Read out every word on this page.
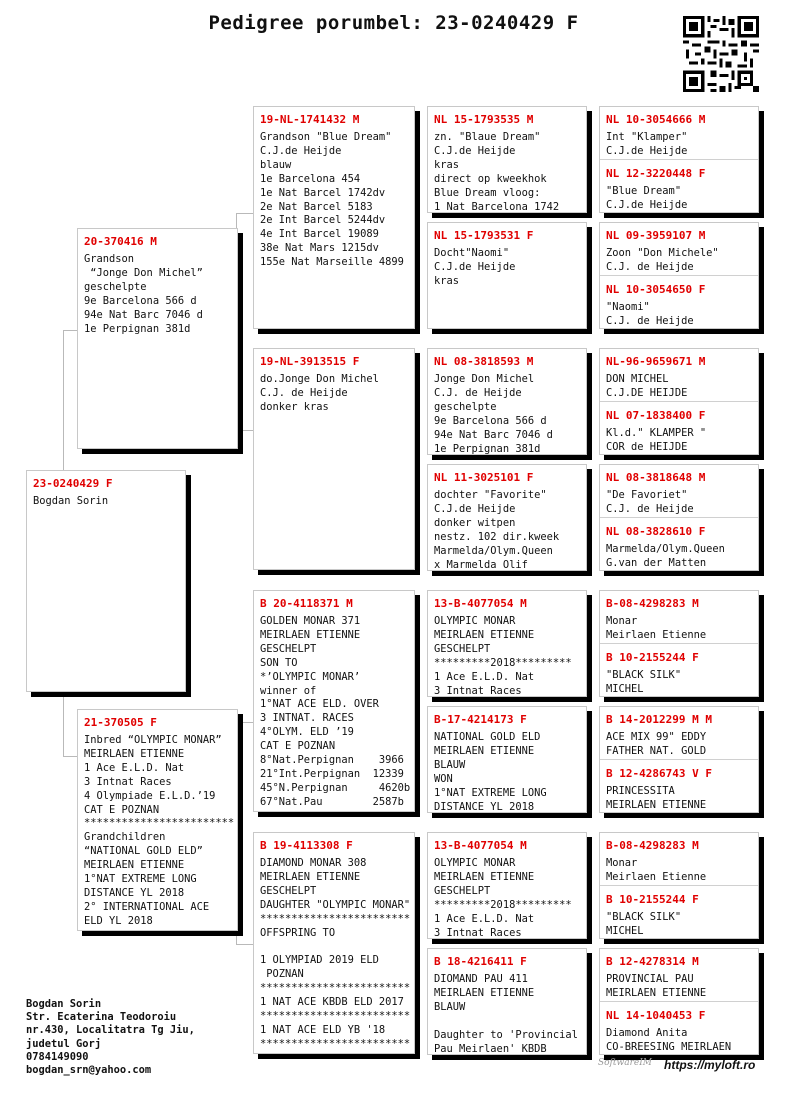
Pedigree porumbel: 23-0240429 F
23-0240429 F
Bogdan Sorin
20-370416 M
Grandson
“Jonge Don Michel”
geschelpte
9e Barcelona 566 d
94e Nat Barc 7046 d
1e Perpignan 381d
21-370505 F
Inbred “OLYMPIC MONAR”
MEIRLAEN ETIENNE
1 Ace E.L.D. Nat
3 Intnat Races
4 Olympiade E.L.D.’19
CAT E POZNAN
************************
Grandchildren
“NATIONAL GOLD ELD”
MEIRLAEN ETIENNE
1°NAT EXTREME LONG
DISTANCE YL 2018
2° INTERNATIONAL ACE
ELD YL 2018
19-NL-1741432 M
Grandson "Blue Dream"
C.J.de Heijde
blauw
1e Barcelona 454
1e Nat Barcel 1742dv
2e Nat Barcel 5183
2e Int Barcel 5244dv
4e Int Barcel 19089
38e Nat Mars 1215dv
155e Nat Marseille 4899
19-NL-3913515 F
do.Jonge Don Michel
C.J. de Heijde
donker kras
B 20-4118371 M
GOLDEN MONAR 371
MEIRLAEN ETIENNE
GESCHELPT
SON TO
*’OLYMPIC MONAR’
winner of
1°NAT ACE ELD. OVER
3 INTNAT. RACES
4°OLYM. ELD ’19
CAT E POZNAN
8°Nat.Perpignan    3966
21°Int.Perpignan  12339
45°N.Perpignan     4620b
67°Nat.Pau        2587b
B 19-4113308 F
DIAMOND MONAR 308
MEIRLAEN ETIENNE
GESCHELPT
DAUGHTER "OLYMPIC MONAR"
************************
OFFSPRING TO

1 OLYMPIAD 2019 ELD
POZNAN
************************
1 NAT ACE KBDB ELD 2017
************************
1 NAT ACE ELD YB '18
************************
NL 15-1793535 M
zn. "Blaue Dream"
C.J.de Heijde
kras
direct op kweekhok
Blue Dream vloog:
1 Nat Barcelona 1742
NL 15-1793531 F
Docht"Naomi"
C.J.de Heijde
kras
NL 08-3818593 M
Jonge Don Michel
C.J. de Heijde
geschelpte
9e Barcelona 566 d
94e Nat Barc 7046 d
1e Perpignan 381d
NL 11-3025101 F
dochter "Favorite"
C.J.de Heijde
donker witpen
nestz. 102 dir.kweek
Marmelda/Olym.Queen
x Marmelda Olif
13-B-4077054 M
OLYMPIC MONAR
MEIRLAEN ETIENNE
GESCHELPT
*********2018*********
1 Ace E.L.D. Nat
3 Intnat Races
B-17-4214173 F
NATIONAL GOLD ELD
MEIRLAEN ETIENNE
BLAUW
WON
1°NAT EXTREME LONG
DISTANCE YL 2018
13-B-4077054 M
OLYMPIC MONAR
MEIRLAEN ETIENNE
GESCHELPT
*********2018*********
1 Ace E.L.D. Nat
3 Intnat Races
B 18-4216411 F
DIOMAND PAU 411
MEIRLAEN ETIENNE
BLAUW

Daughter to 'Provincial
Pau Meirlaen' KBDB
NL 10-3054666 M
Int "Klamper"
C.J.de Heijde
NL 12-3220448 F
"Blue Dream"
C.J.de Heijde
NL 09-3959107 M
Zoon "Don Michele"
C.J. de Heijde
NL 10-3054650 F
"Naomi"
C.J. de Heijde
NL-96-9659671 M
DON MICHEL
C.J.DE HEIJDE
NL 07-1838400 F
Kl.d." KLAMPER "
COR de HEIJDE
NL 08-3818648 M
"De Favoriet"
C.J. de Heijde
NL 08-3828610 F
Marmelda/Olym.Queen
G.van der Matten
B-08-4298283 M
Monar
Meirlaen Etienne
B 10-2155244 F
"BLACK SILK"
MICHEL
B 14-2012299 M M
ACE MIX 99" EDDY
FATHER NAT. GOLD
B 12-4286743 V F
PRINCESSITA
MEIRLAEN ETIENNE
B-08-4298283 M
Monar
Meirlaen Etienne
B 10-2155244 F
"BLACK SILK"
MICHEL
B 12-4278314 M
PROVINCIAL PAU
MEIRLAEN ETIENNE
NL 14-1040453 F
Diamond Anita
CO-BREESING MEIRLAEN
Bogdan Sorin
Str. Ecaterina Teodoroiu
nr.430, Localitatra Tg Jiu,
judetul Gorj
0784149090
bogdan_srn@yahoo.com
SoftwareIM https://myloft.ro
